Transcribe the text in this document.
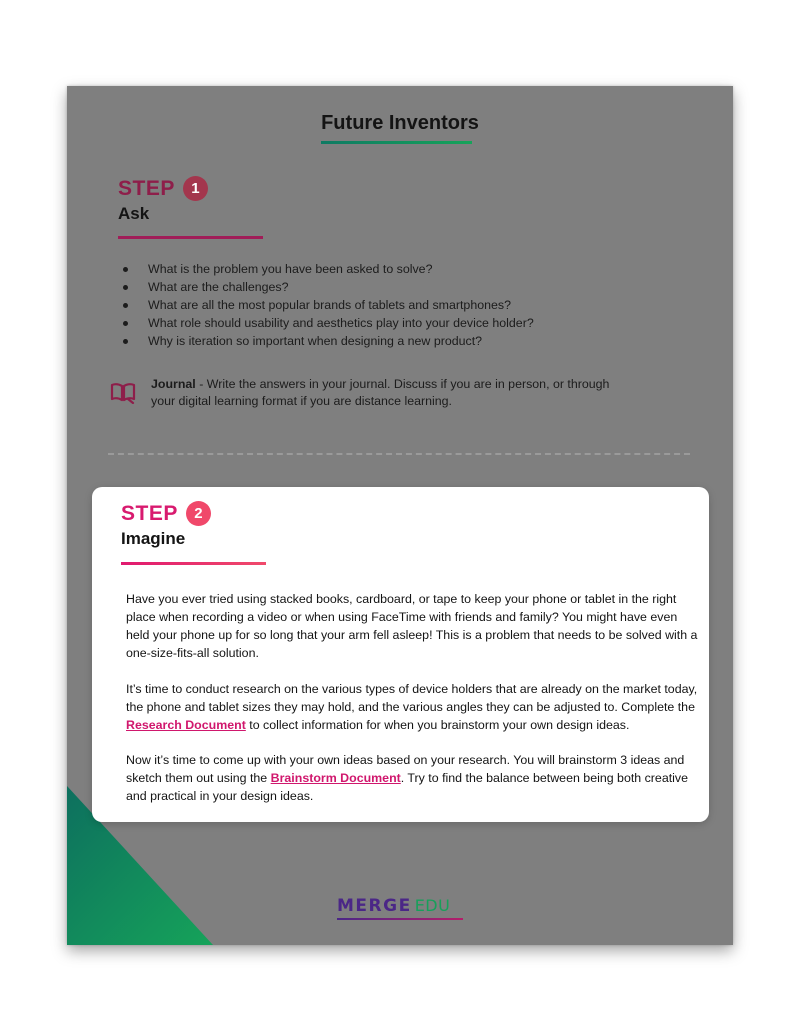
Future Inventors
STEP	1
Ask
What is the problem you have been asked to solve?
What are the challenges?
What are all the most popular brands of tablets and smartphones?
What role should usability and aesthetics play into your device holder?
Why is iteration so important when designing a new product?
Journal - Write the answers in your journal. Discuss if you are in person, or through your digital learning format if you are distance learning.
MERGE EDU
STEP	2
Imagine

Have you ever tried using stacked books, cardboard, or tape to keep your phone or tablet in the right place when recording a video or when using FaceTime with friends and family? You might have even held your phone up for so long that your arm fell asleep! This is a problem that needs to be solved with a one-size-fits-all solution.

It’s time to conduct research on the various types of device holders that are already on the market today, the phone and tablet sizes they may hold, and the various angles they can be adjusted to. Complete the Research Document to collect information for when you brainstorm your own design ideas.

Now it’s time to come up with your own ideas based on your research. You will brainstorm 3 ideas and sketch them out using the Brainstorm Document. Try to find the balance between being both creative and practical in your design ideas.
